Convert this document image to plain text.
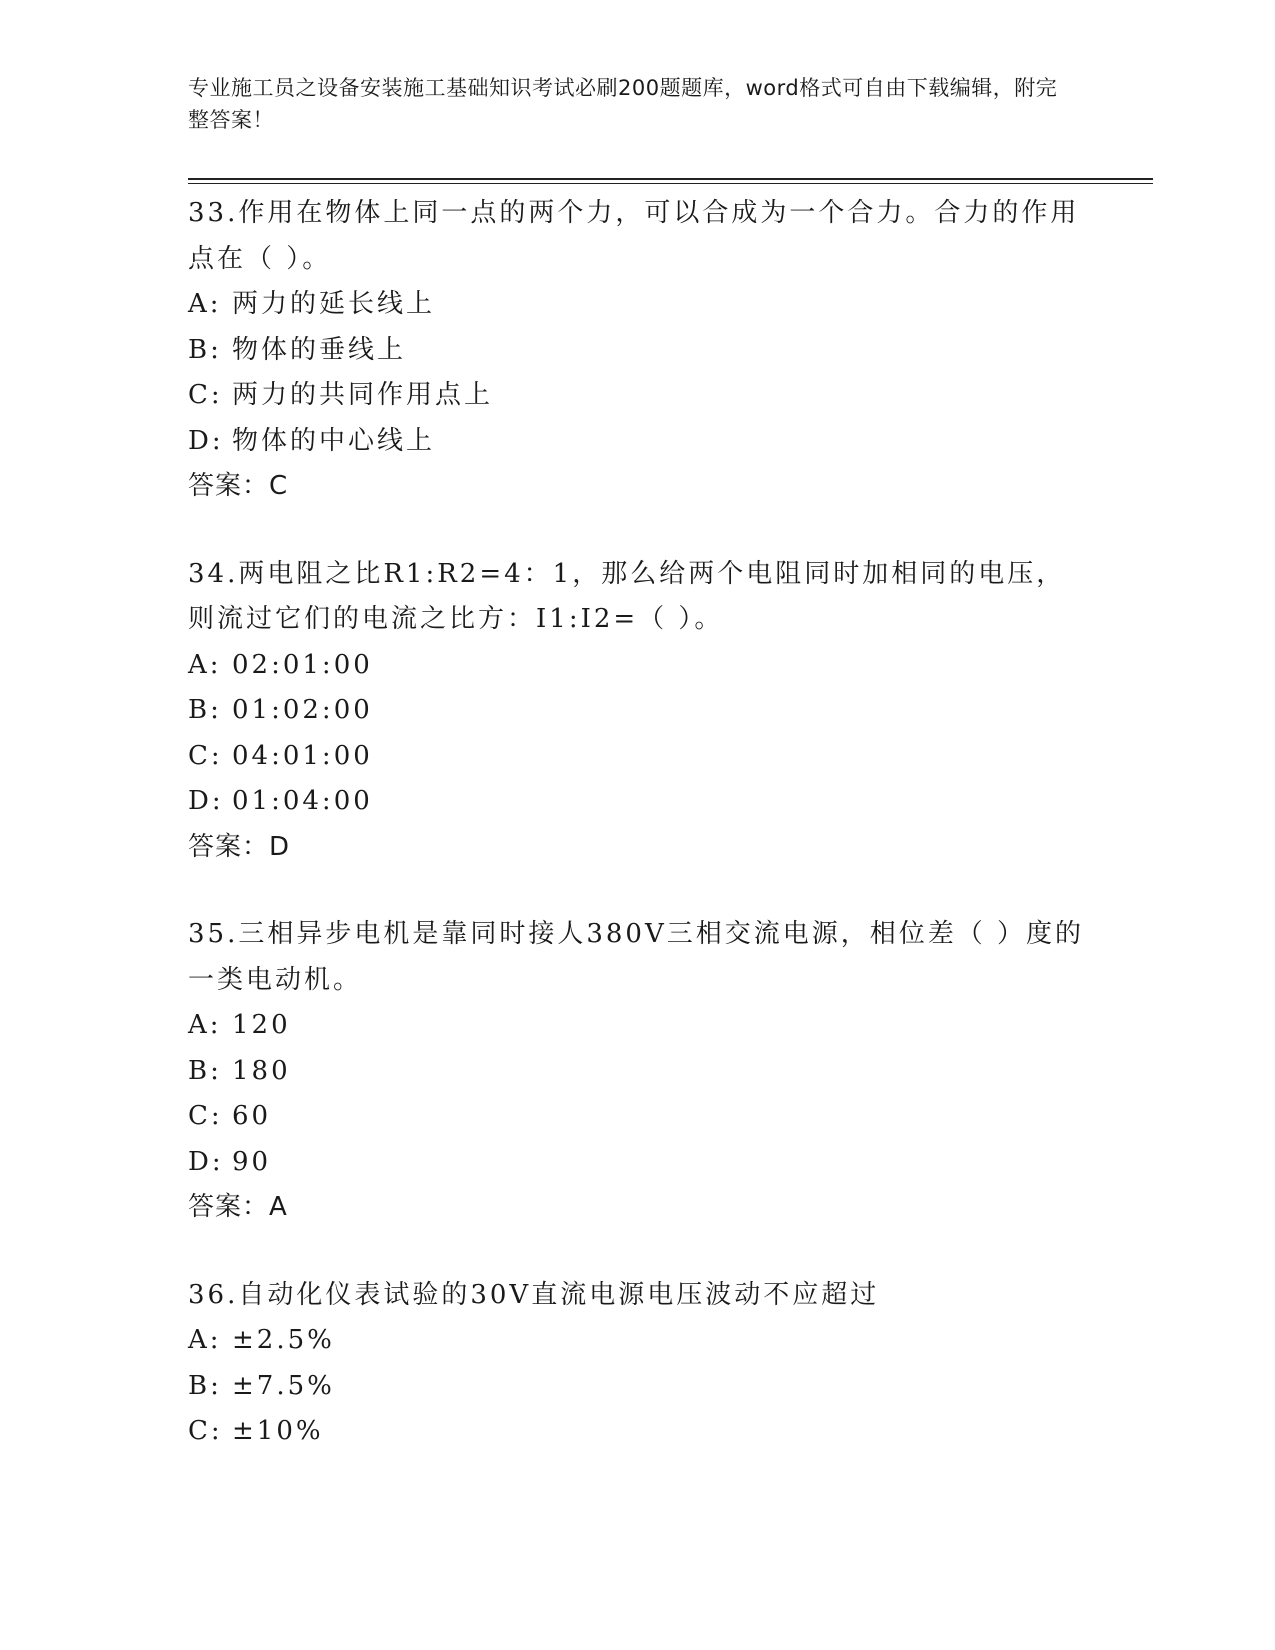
专业施工员之设备安装施工基础知识考试必刷200题题库，word格式可自由下载编辑，附完整答案！

33.作用在物体上同一点的两个力，可以合成为一个合力。合力的作用点在（ ）。

A: 两力的延长线上

B: 物体的垂线上

C: 两力的共同作用点上

D: 物体的中心线上

答案：C

34.两电阻之比R1:R2=4：1，那么给两个电阻同时加相同的电压，则流过它们的电流之比方：I1:I2=（ ）。

A: 02:01:00

B: 01:02:00

C: 04:01:00

D: 01:04:00

答案：D

35.三相异步电机是靠同时接人380V三相交流电源，相位差（ ）度的一类电动机。

A: 120

B: 180

C: 60

D: 90

答案：A

36.自动化仪表试验的30V直流电源电压波动不应超过

A: ±2.5%

B: ±7.5%

C: ±10%
